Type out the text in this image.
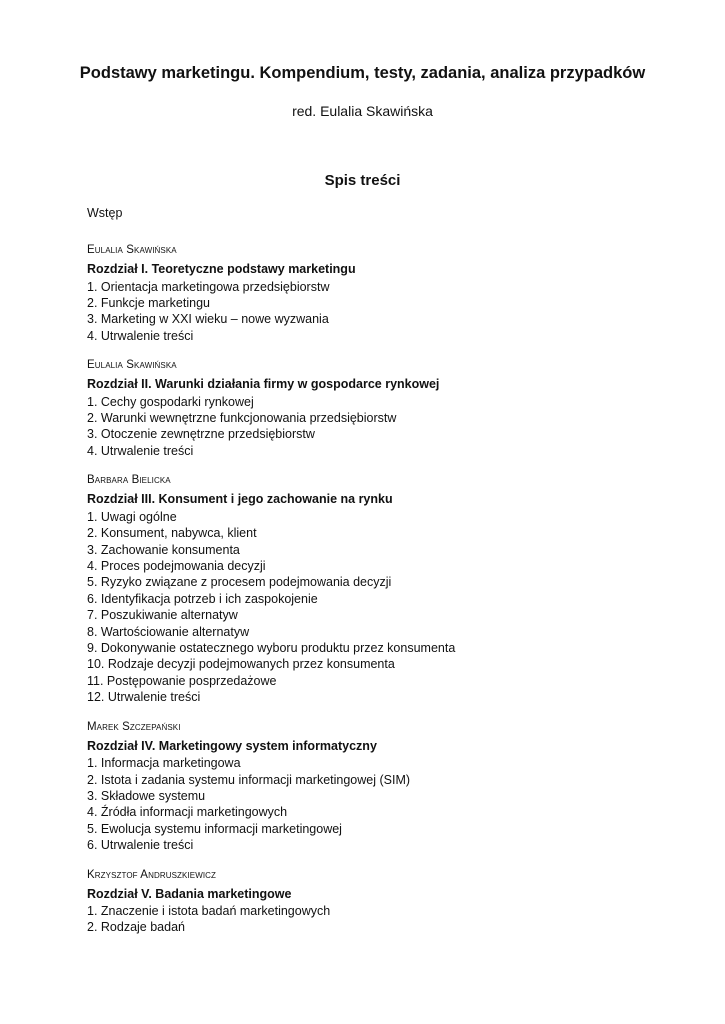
Podstawy marketingu. Kompendium, testy, zadania, analiza przypadków

red. Eulalia Skawińska

Spis treści
Wstęp
Eulalia Skawińska
Rozdział I. Teoretyczne podstawy marketingu
1. Orientacja marketingowa przedsiębiorstw
2. Funkcje marketingu
3. Marketing w XXI wieku – nowe wyzwania
4. Utrwalenie treści
Eulalia Skawińska
Rozdział II. Warunki działania firmy w gospodarce rynkowej
1. Cechy gospodarki rynkowej
2. Warunki wewnętrzne funkcjonowania przedsiębiorstw
3. Otoczenie zewnętrzne przedsiębiorstw
4. Utrwalenie treści
Barbara Bielicka
Rozdział III. Konsument i jego zachowanie na rynku
1. Uwagi ogólne
2. Konsument, nabywca, klient
3. Zachowanie konsumenta
4. Proces podejmowania decyzji
5. Ryzyko związane z procesem podejmowania decyzji
6. Identyfikacja potrzeb i ich zaspokojenie
7. Poszukiwanie alternatyw
8. Wartościowanie alternatyw
9. Dokonywanie ostatecznego wyboru produktu przez konsumenta
10. Rodzaje decyzji podejmowanych przez konsumenta
11. Postępowanie posprzedażowe
12. Utrwalenie treści
Marek Szczepański
Rozdział IV. Marketingowy system informatyczny
1. Informacja marketingowa
2. Istota i zadania systemu informacji marketingowej (SIM)
3. Składowe systemu
4. Źródła informacji marketingowych
5. Ewolucja systemu informacji marketingowej
6. Utrwalenie treści
Krzysztof Andruszkiewicz
Rozdział V. Badania marketingowe
1. Znaczenie i istota badań marketingowych
2. Rodzaje badań
